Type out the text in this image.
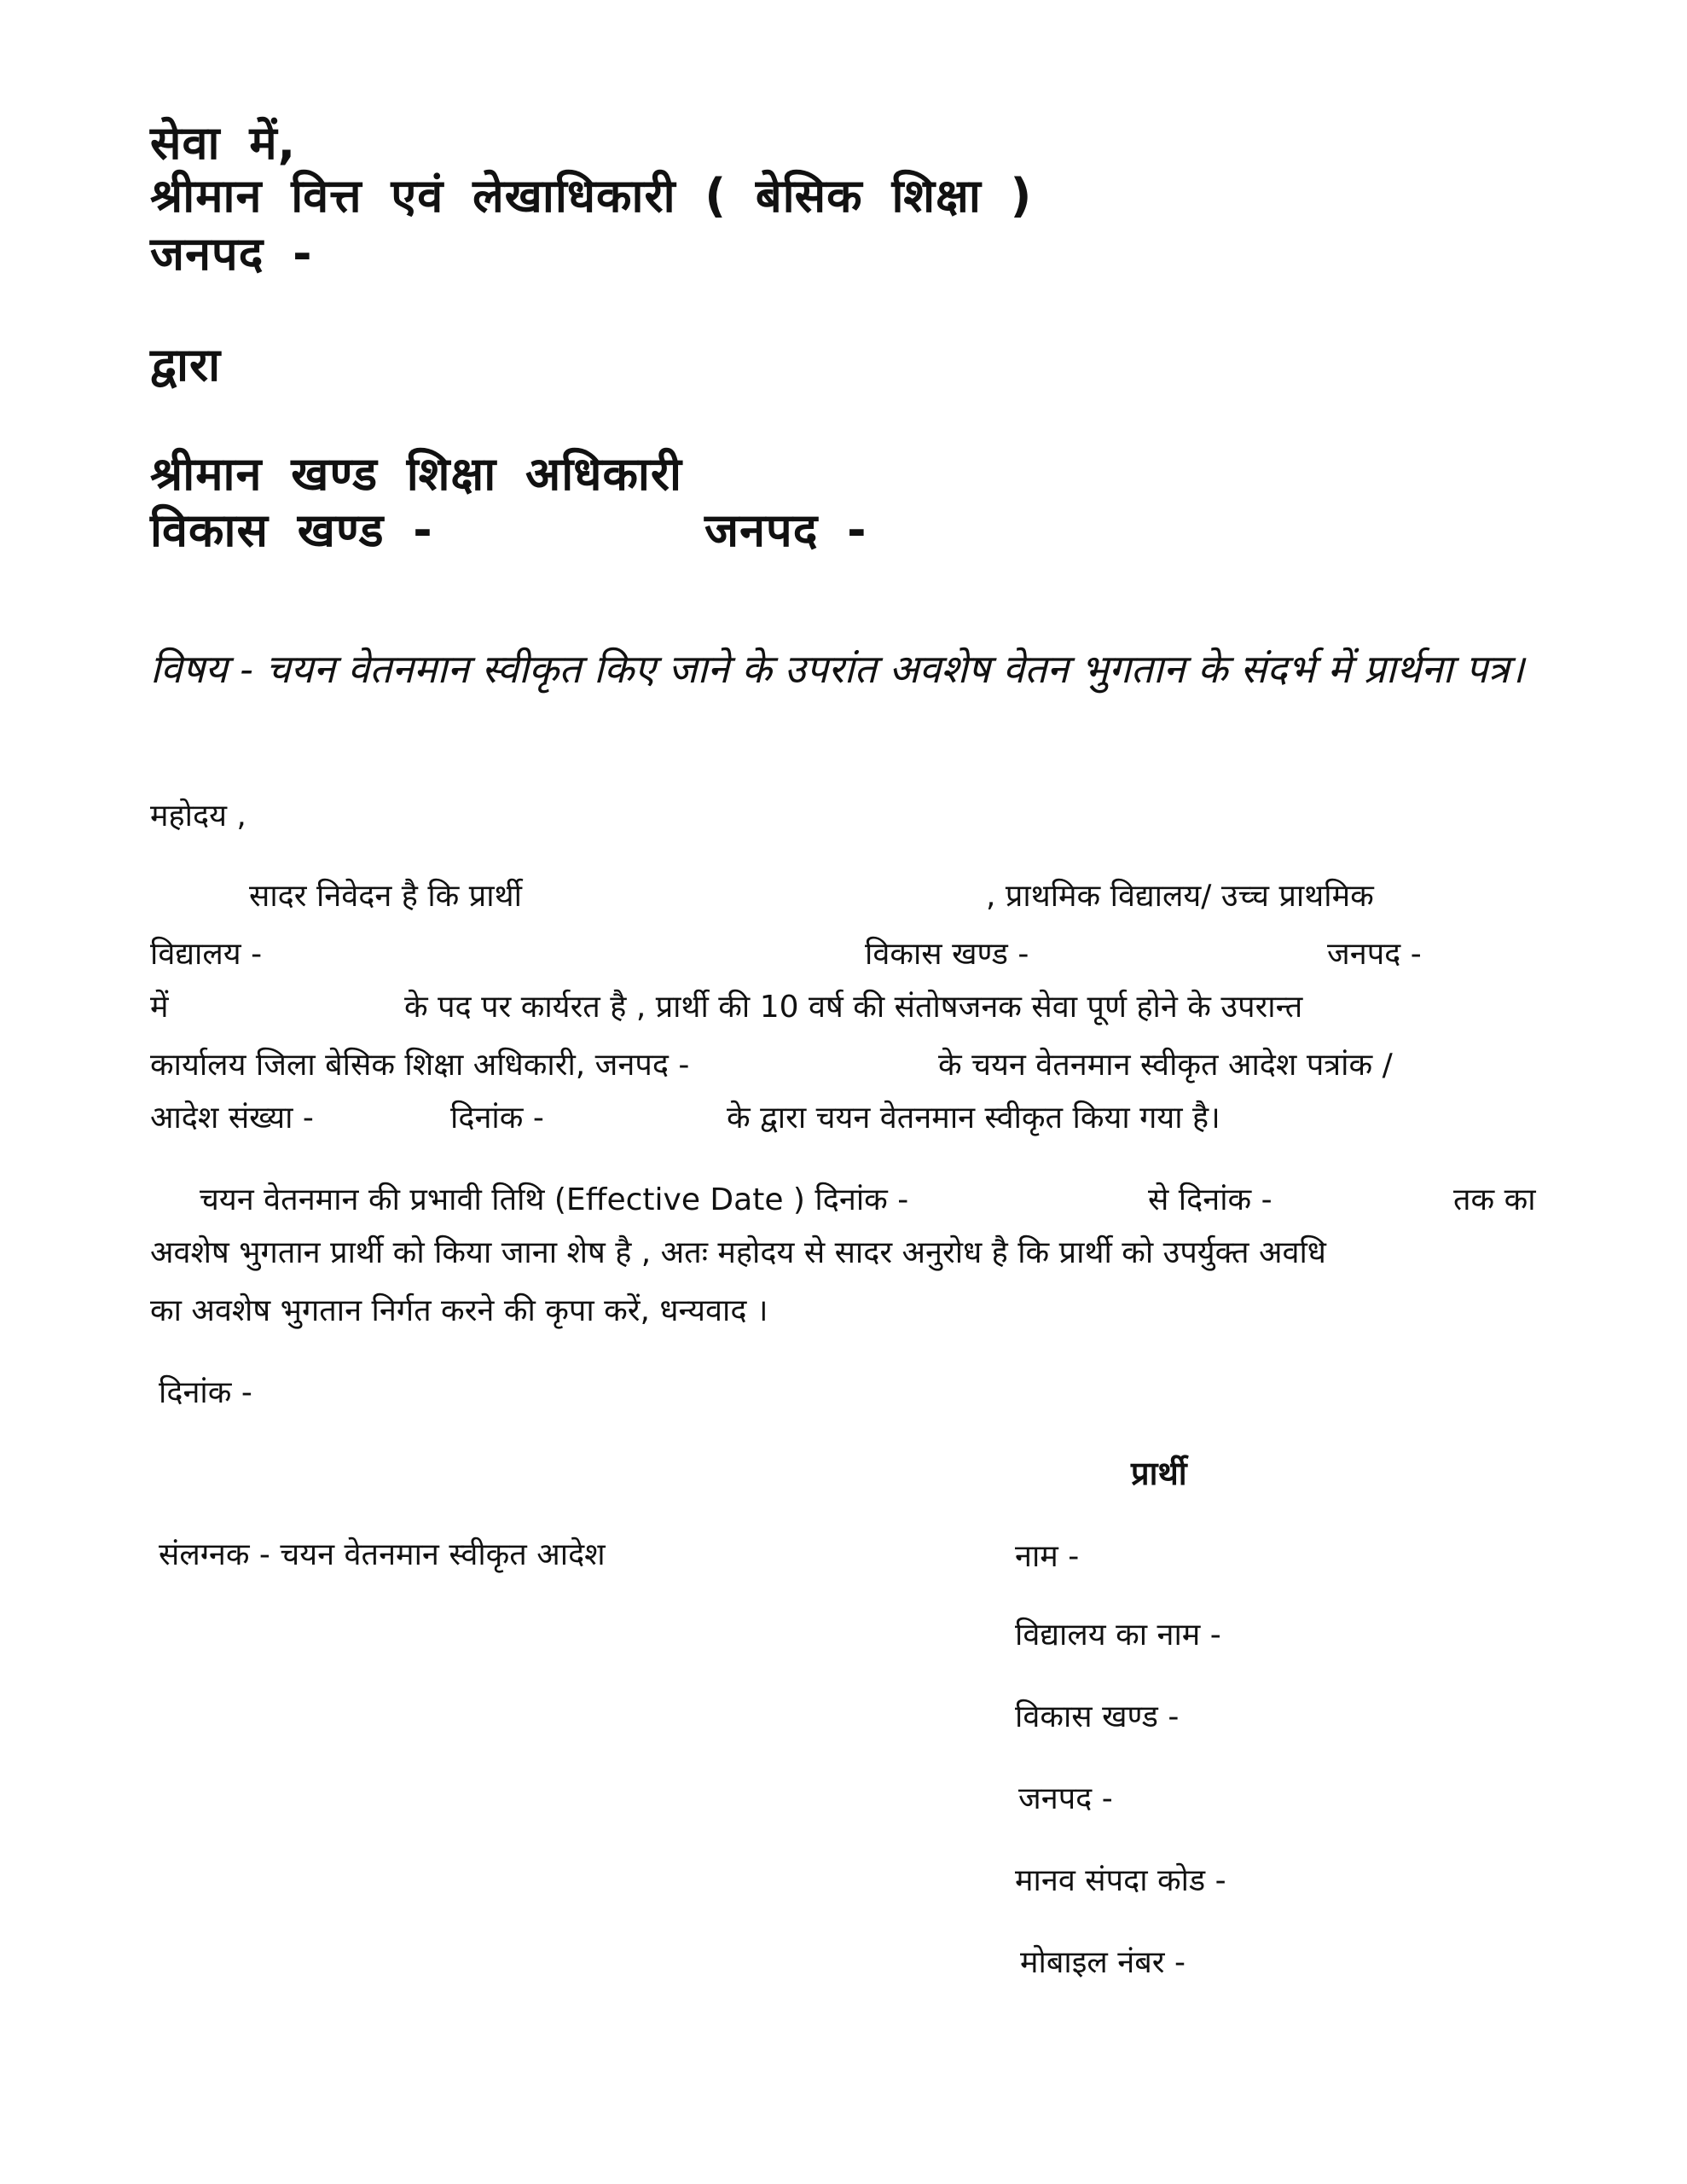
सेवा में,
श्रीमान वित्त एवं लेखाधिकारी ( बेसिक शिक्षा )
जनपद -
द्वारा
श्रीमान खण्ड शिक्षा अधिकारी
विकास खण्ड -	जनपद -
विषय - चयन वेतनमान स्वीकृत किए जाने के उपरांत अवशेष वेतन भुगतान के संदर्भ में प्रार्थना पत्र।
महोदय ,
सादर निवेदन है कि प्रार्थी	, प्राथमिक विद्यालय/ उच्च प्राथमिक
विद्यालय -	विकास खण्ड -	जनपद -
में	के पद पर कार्यरत है , प्रार्थी की 10 वर्ष की संतोषजनक सेवा पूर्ण होने के उपरान्त
कार्यालय जिला बेसिक शिक्षा अधिकारी, जनपद -	के चयन वेतनमान स्वीकृत आदेश पत्रांक /
आदेश संख्या -	दिनांक -	के द्वारा चयन वेतनमान स्वीकृत किया गया है।
चयन वेतनमान की प्रभावी तिथि (Effective Date ) दिनांक -	से दिनांक -	तक का
अवशेष भुगतान प्रार्थी को किया जाना शेष है , अतः महोदय से सादर अनुरोध है कि प्रार्थी को उपर्युक्त अवधि
का अवशेष भुगतान निर्गत करने की कृपा करें, धन्यवाद ।
दिनांक -
प्रार्थी
संलग्नक - चयन वेतनमान स्वीकृत आदेश	नाम -
विद्यालय का नाम -
विकास खण्ड -
जनपद -
मानव संपदा कोड -
मोबाइल नंबर -
